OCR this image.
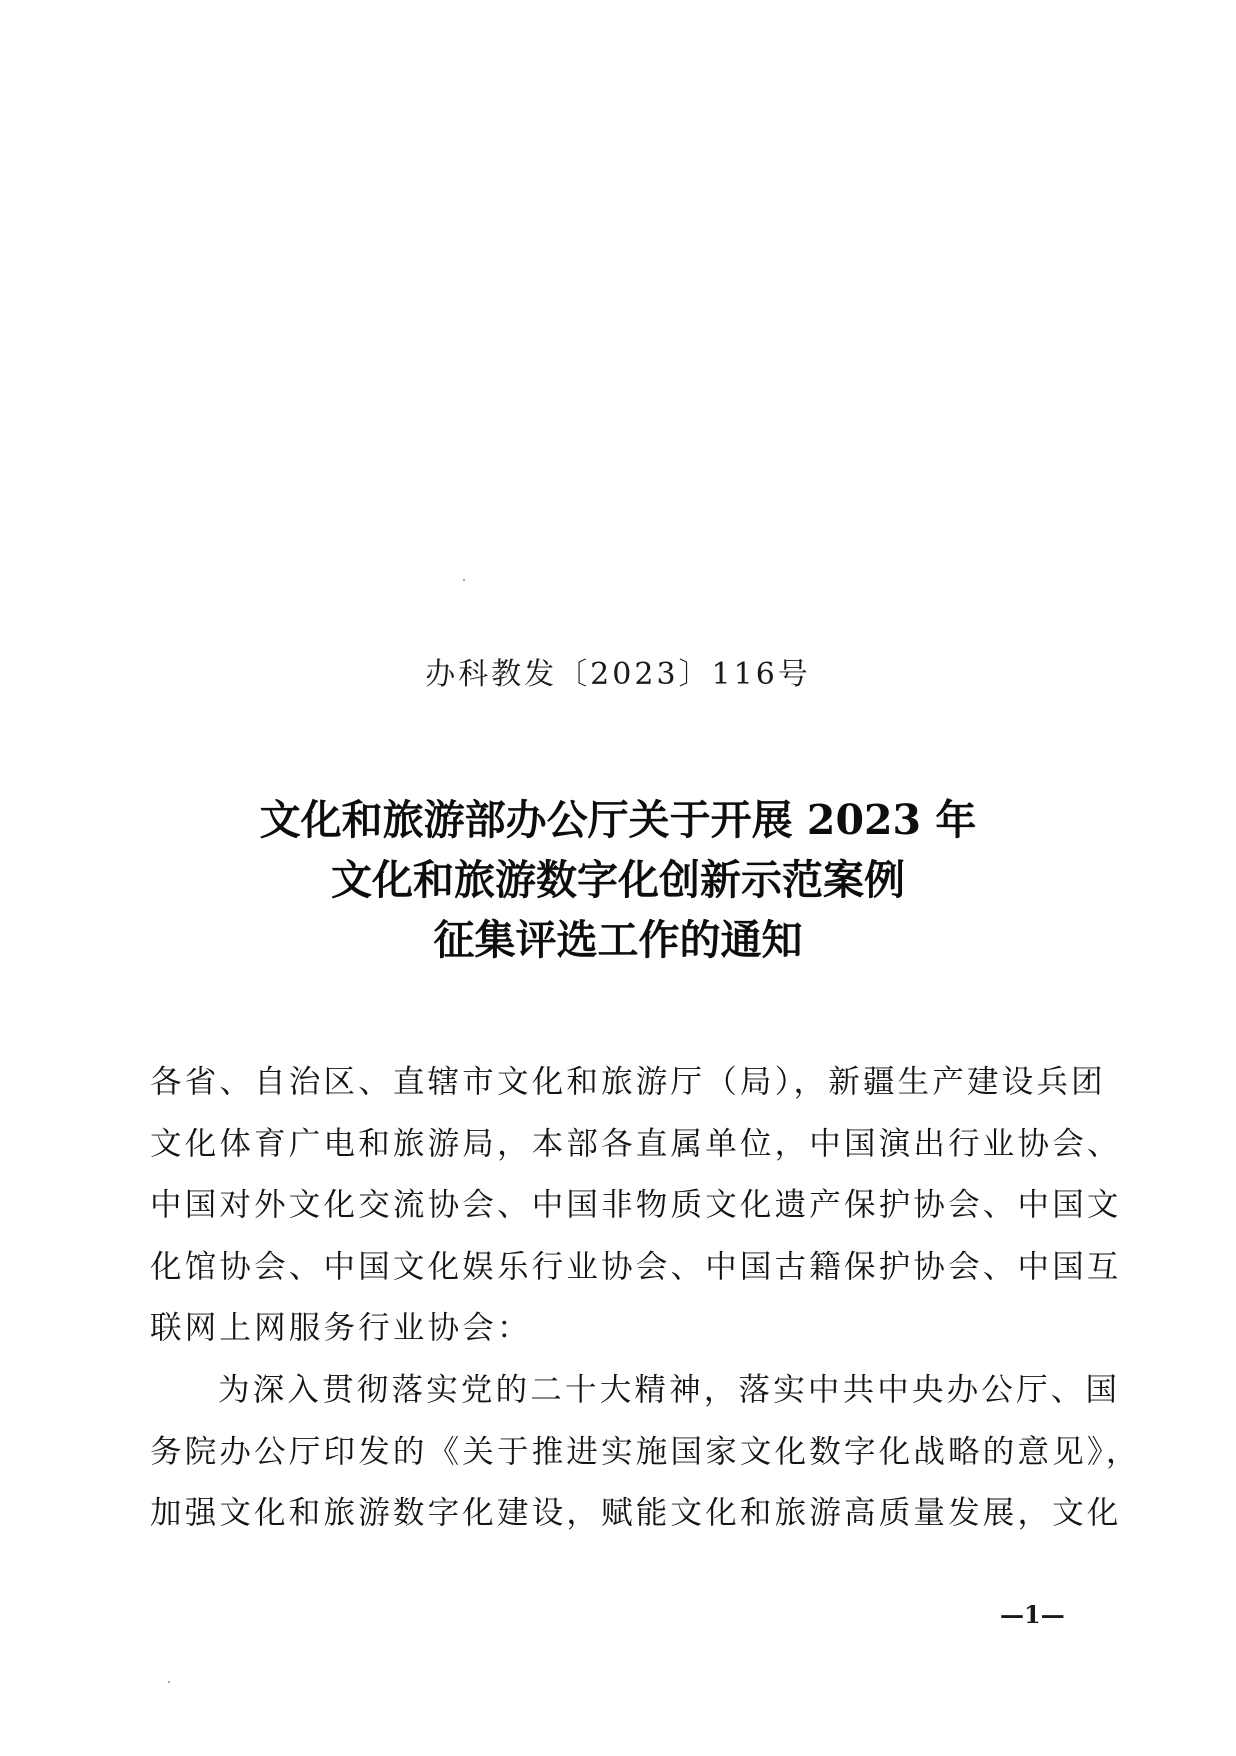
办科教发〔2023〕116号
文化和旅游部办公厅关于开展 2023 年
文化和旅游数字化创新示范案例
征集评选工作的通知
各省、自治区、直辖市文化和旅游厅（局），新疆生产建设兵团
文化体育广电和旅游局，本部各直属单位，中国演出行业协会、
中国对外文化交流协会、中国非物质文化遗产保护协会、中国文
化馆协会、中国文化娱乐行业协会、中国古籍保护协会、中国互
联网上网服务行业协会：
为深入贯彻落实党的二十大精神，落实中共中央办公厅、国
务院办公厅印发的《关于推进实施国家文化数字化战略的意见》，
加强文化和旅游数字化建设，赋能文化和旅游高质量发展，文化
—1—
